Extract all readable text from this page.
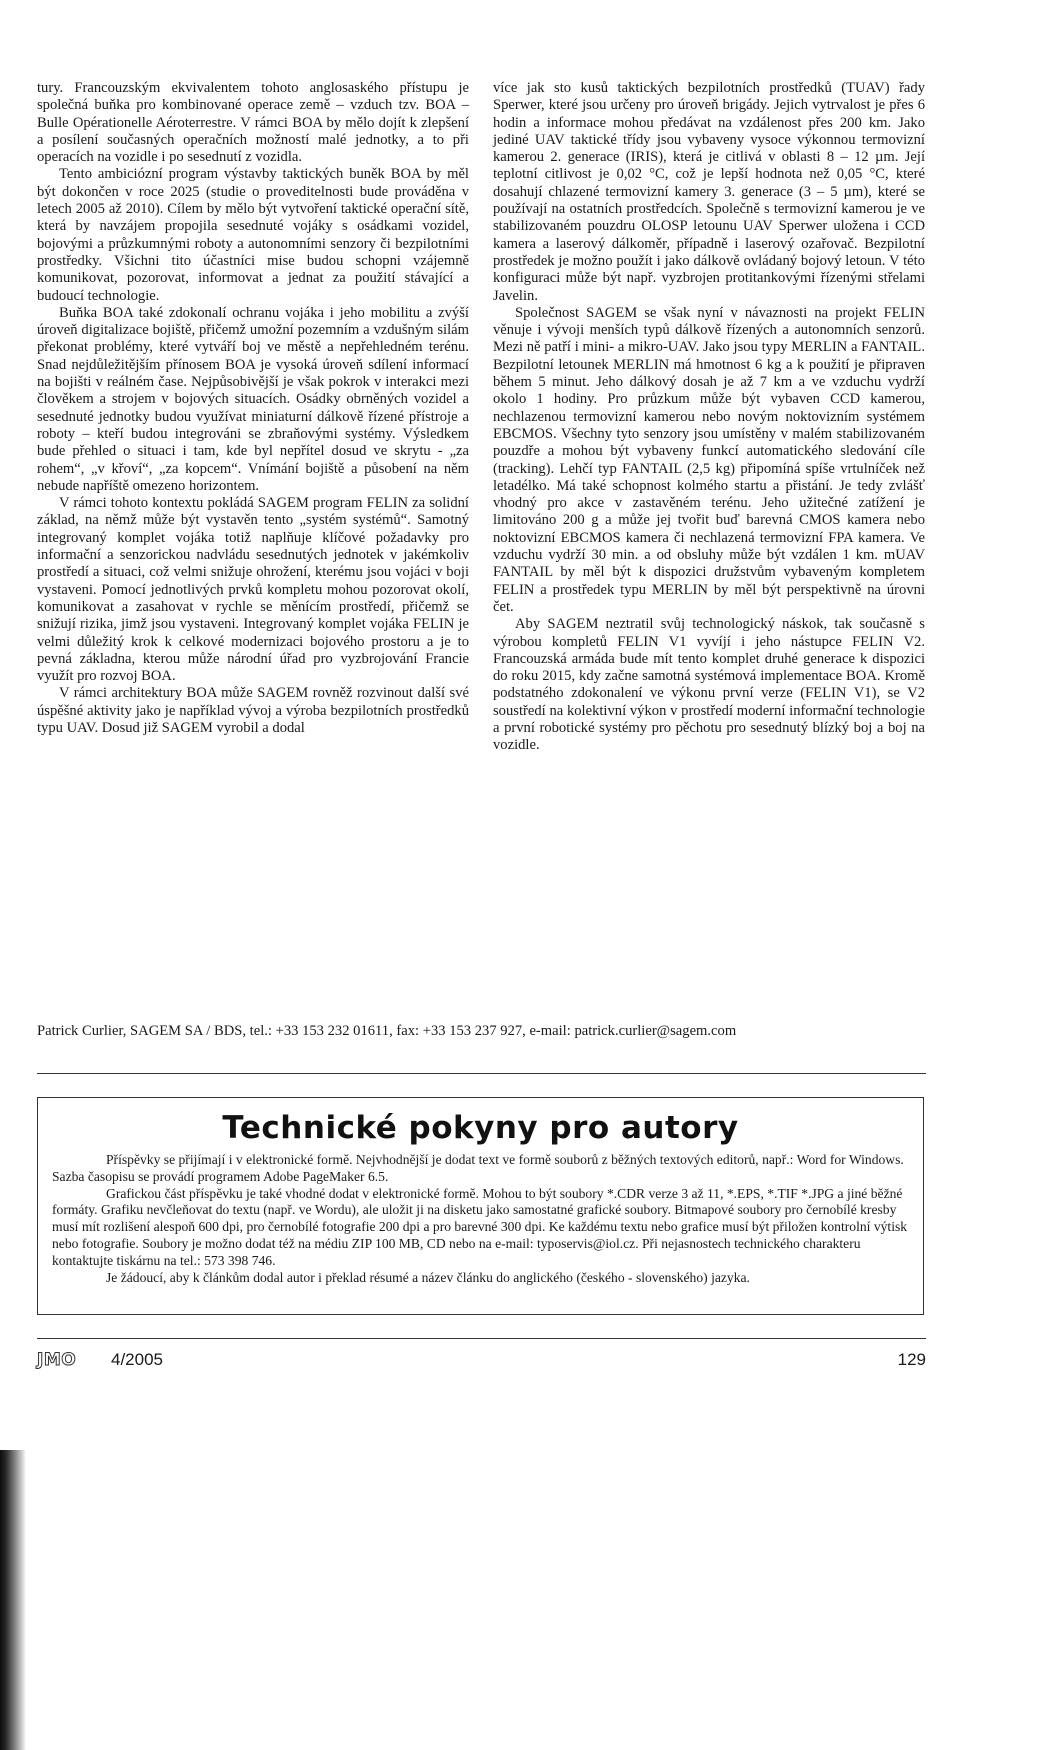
tury. Francouzským ekvivalentem tohoto anglosaského přístupu je společná buňka pro kombinované operace země – vzduch tzv. BOA – Bulle Opérationelle Aéroterrestre. V rámci BOA by mělo dojít k zlepšení a posílení současných operačních možností malé jednotky, a to při operacích na vozidle i po sesednutí z vozidla.

Tento ambiciózní program výstavby taktických buněk BOA by měl být dokončen v roce 2025 (studie o proveditelnosti bude prováděna v letech 2005 až 2010). Cílem by mělo být vytvoření taktické operační sítě, která by navzájem propojila sesednuté vojáky s osádkami vozidel, bojovými a průzkumnými roboty a autonomními senzory či bezpilotními prostředky. Všichni tito účastníci mise budou schopni vzájemně komunikovat, pozorovat, informovat a jednat za použití stávající a budoucí technologie.

Buňka BOA také zdokonalí ochranu vojáka i jeho mobilitu a zvýší úroveň digitalizace bojiště, přičemž umožní pozemním a vzdušným silám překonat problémy, které vytváří boj ve městě a nepřehledném terénu. Snad nejdůležitějším přínosem BOA je vysoká úroveň sdílení informací na bojišti v reálném čase. Nejpůsobivější je však pokrok v interakci mezi člověkem a strojem v bojových situacích. Osádky obrněných vozidel a sesednuté jednotky budou využívat miniaturní dálkově řízené přístroje a roboty – kteří budou integrováni se zbraňovými systémy. Výsledkem bude přehled o situaci i tam, kde byl nepřítel dosud ve skrytu - „za rohem“, „v křoví“, „za kopcem“. Vnímání bojiště a působení na něm nebude napříště omezeno horizontem.

V rámci tohoto kontextu pokládá SAGEM program FELIN za solidní základ, na němž může být vystavěn tento „systém systémů“. Samotný integrovaný komplet vojáka totiž naplňuje klíčové požadavky pro informační a senzorickou nadvládu sesednutých jednotek v jakémkoliv prostředí a situaci, což velmi snižuje ohrožení, kterému jsou vojáci v boji vystaveni. Pomocí jednotlivých prvků kompletu mohou pozorovat okolí, komunikovat a zasahovat v rychle se měnícím prostředí, přičemž se snižují rizika, jimž jsou vystaveni. Integrovaný komplet vojáka FELIN je velmi důležitý krok k celkové modernizaci bojového prostoru a je to pevná základna, kterou může národní úřad pro vyzbrojování Francie využít pro rozvoj BOA.

V rámci architektury BOA může SAGEM rovněž rozvinout další své úspěšné aktivity jako je například vývoj a výroba bezpilotních prostředků typu UAV. Dosud již SAGEM vyrobil a dodal

více jak sto kusů taktických bezpilotních prostředků (TUAV) řady Sperwer, které jsou určeny pro úroveň brigády. Jejich vytrvalost je přes 6 hodin a informace mohou předávat na vzdálenost přes 200 km. Jako jediné UAV taktické třídy jsou vybaveny vysoce výkonnou termovizní kamerou 2. generace (IRIS), která je citlivá v oblasti 8 – 12 µm. Její teplotní citlivost je 0,02 °C, což je lepší hodnota než 0,05 °C, které dosahují chlazené termovizní kamery 3. generace (3 – 5 µm), které se používají na ostatních prostředcích. Společně s termovizní kamerou je ve stabilizovaném pouzdru OLOSP letounu UAV Sperwer uložena i CCD kamera a laserový dálkoměr, případně i laserový ozařovač. Bezpilotní prostředek je možno použít i jako dálkově ovládaný bojový letoun. V této konfiguraci může být např. vyzbrojen protitankovými řízenými střelami Javelin.

Společnost SAGEM se však nyní v návaznosti na projekt FELIN věnuje i vývoji menších typů dálkově řízených a autonomních senzorů. Mezi ně patří i mini- a mikro-UAV. Jako jsou typy MERLIN a FANTAIL. Bezpilotní letounek MERLIN má hmotnost 6 kg a k použití je připraven během 5 minut. Jeho dálkový dosah je až 7 km a ve vzduchu vydrží okolo 1 hodiny. Pro průzkum může být vybaven CCD kamerou, nechlazenou termovizní kamerou nebo novým noktovizním systémem EBCMOS. Všechny tyto senzory jsou umístěny v malém stabilizovaném pouzdře a mohou být vybaveny funkcí automatického sledování cíle (tracking). Lehčí typ FANTAIL (2,5 kg) připomíná spíše vrtulníček než letadélko. Má také schopnost kolmého startu a přistání. Je tedy zvlášť vhodný pro akce v zastavěném terénu. Jeho užitečné zatížení je limitováno 200 g a může jej tvořit buď barevná CMOS kamera nebo noktovizní EBCMOS kamera či nechlazená termovizní FPA kamera. Ve vzduchu vydrží 30 min. a od obsluhy může být vzdálen 1 km. mUAV FANTAIL by měl být k dispozici družstvům vybaveným kompletem FELIN a prostředek typu MERLIN by měl být perspektivně na úrovni čet.

Aby SAGEM neztratil svůj technologický náskok, tak současně s výrobou kompletů FELIN V1 vyvíjí i jeho nástupce FELIN V2. Francouzská armáda bude mít tento komplet druhé generace k dispozici do roku 2015, kdy začne samotná systémová implementace BOA. Kromě podstatného zdokonalení ve výkonu první verze (FELIN V1), se V2 soustředí na kolektivní výkon v prostředí moderní informační technologie a první robotické systémy pro pěchotu pro sesednutý blízký boj a boj na vozidle.

Patrick Curlier, SAGEM SA / BDS, tel.: +33 153 232 01611, fax: +33 153 237 927, e-mail: patrick.curlier@sagem.com
Technické pokyny pro autory

Příspěvky se přijímají i v elektronické formě. Nejvhodnější je dodat text ve formě souborů z běžných textových editorů, např.: Word for Windows. Sazba časopisu se provádí programem Adobe PageMaker 6.5.

Grafickou část příspěvku je také vhodné dodat v elektronické formě. Mohou to být soubory *.CDR verze 3 až 11, *.EPS, *.TIF *.JPG a jiné běžné formáty. Grafiku nevčleňovat do textu (např. ve Wordu), ale uložit ji na disketu jako samostatné grafické soubory. Bitmapové soubory pro černobílé kresby musí mít rozlišení alespoň 600 dpi, pro černobílé fotografie 200 dpi a pro barevné 300 dpi. Ke každému textu nebo grafice musí být přiložen kontrolní výtisk nebo fotografie. Soubory je možno dodat též na médiu ZIP 100 MB, CD nebo na e-mail: typoservis@iol.cz. Při nejasnostech technického charakteru kontaktujte tiskárnu na tel.: 573 398 746.

Je žádoucí, aby k článkům dodal autor i překlad résumé a název článku do anglického (českého - slovenského) jazyka.

JMO 4/2005	129
